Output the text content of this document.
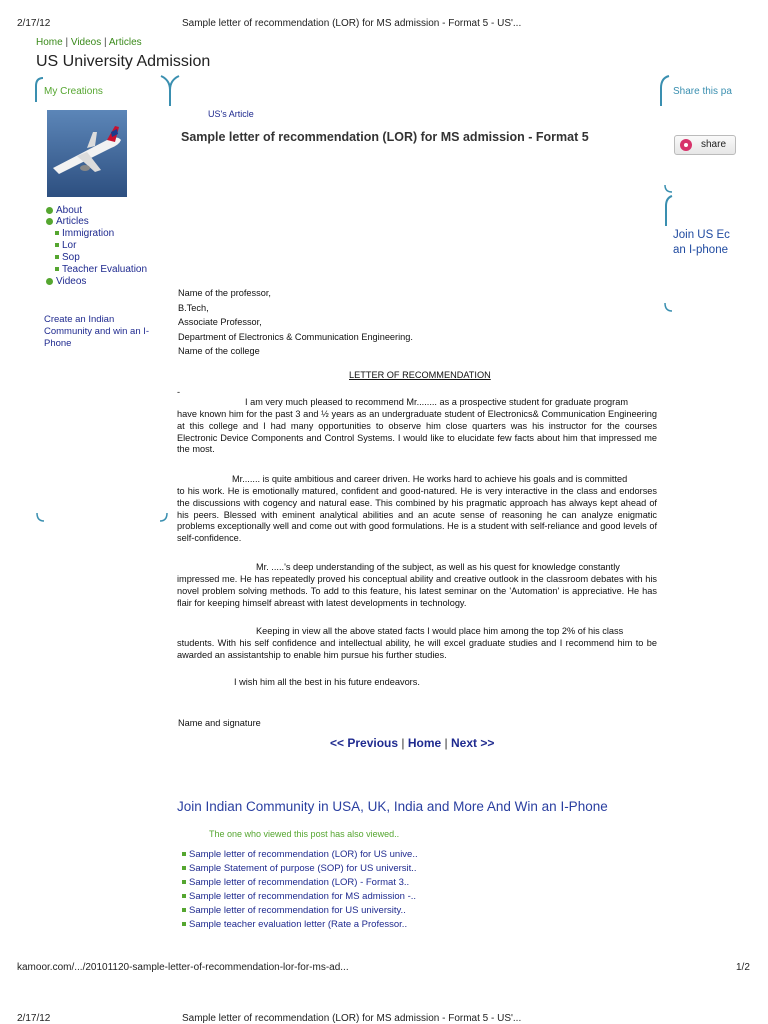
2/17/12	Sample letter of recommendation (LOR) for MS admission - Format 5 - US'...
Home | Videos | Articles
US University Admission
My Creations
About
Articles
Immigration
Lor
Sop
Teacher Evaluation
Videos
Create an Indian
Community and win an I-
Phone
US's Article
Sample letter of recommendation (LOR) for MS admission - Format 5
Name of the professor,
B.Tech,
Associate Professor,
Department of Electronics & Communication Engineering.
Name of the college
LETTER OF RECOMMENDATION
-
I am very much pleased to recommend Mr........ as a prospective student for graduate program
have known him for the past 3 and ½ years as an undergraduate student of Electronics& Communication Engineering at this college and I had many opportunities to observe him close quarters was his instructor for the courses Electronic Device Components and Control Systems. I would like to elucidate few facts about him that impressed me the most.
Mr....... is quite ambitious and career driven. He works hard to achieve his goals and is committed
to his work. He is emotionally matured, confident and good-natured. He is very interactive in the class and endorses the discussions with cogency and natural ease. This combined by his pragmatic approach has always kept ahead of his peers. Blessed with eminent analytical abilities and an acute sense of reasoning he can analyze enigmatic problems exceptionally well and come out with good formulations. He is a student with self-reliance and good levels of self-confidence.
Mr. .....'s deep understanding of the subject, as well as his quest for knowledge constantly
impressed me. He has repeatedly proved his conceptual ability and creative outlook in the classroom debates with his novel problem solving methods. To add to this feature, his latest seminar on the 'Automation' is appreciative. He has flair for keeping himself abreast with latest developments in technology.
Keeping in view all the above stated facts I would place him among the top 2% of his class
students. With his self confidence and intellectual ability, he will excel graduate studies and I recommend him to be awarded an assistantship to enable him pursue his further studies.
I wish him all the best in his future endeavors.
Name and signature
<< Previous | Home | Next >>
Join Indian Community in USA, UK, India and More And Win an I-Phone
The one who viewed this post has also viewed..
Sample letter of recommendation (LOR) for US unive..
Sample Statement of purpose (SOP) for US universit..
Sample letter of recommendation (LOR) - Format 3..
Sample letter of recommendation for MS admission -..
Sample letter of recommendation for US university..
Sample teacher evaluation letter (Rate a Professor..
Share this pa
share
Join US Ec
an I-phone
kamoor.com/.../20101120-sample-letter-of-recommendation-lor-for-ms-ad...	1/2
2/17/12	Sample letter of recommendation (LOR) for MS admission - Format 5 - US'...
